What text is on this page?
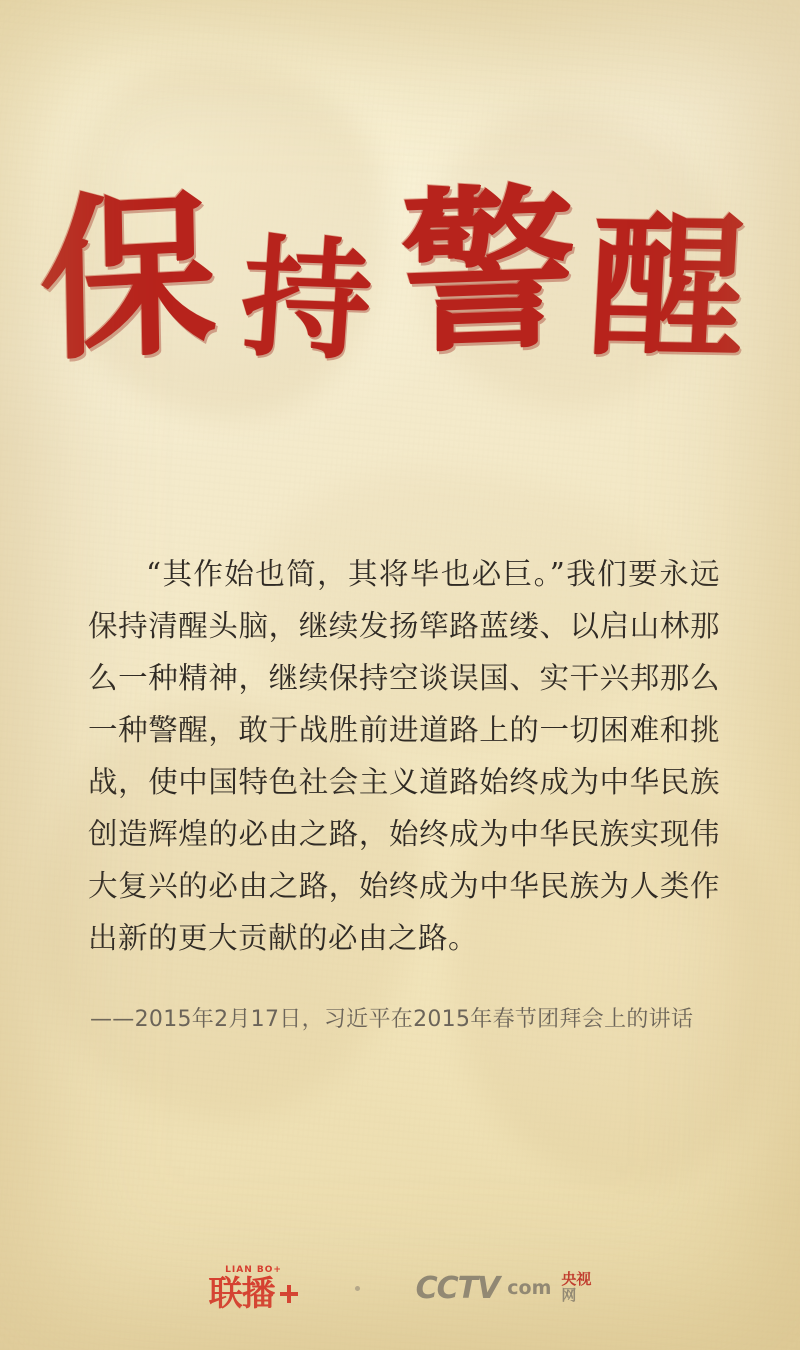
保持 警醒
“其作始也简，其将毕也必巨。”我们要永远保持清醒头脑，继续发扬筚路蓝缕、以启山林那么一种精神，继续保持空谈误国、实干兴邦那么一种警醒，敢于战胜前进道路上的一切困难和挑战，使中国特色社会主义道路始终成为中华民族创造辉煌的必由之路，始终成为中华民族实现伟大复兴的必由之路，始终成为中华民族为人类作出新的更大贡献的必由之路。
——2015年2月17日，习近平在2015年春节团拜会上的讲话
LIAN BO+
联播	CCTV com 央视
网
